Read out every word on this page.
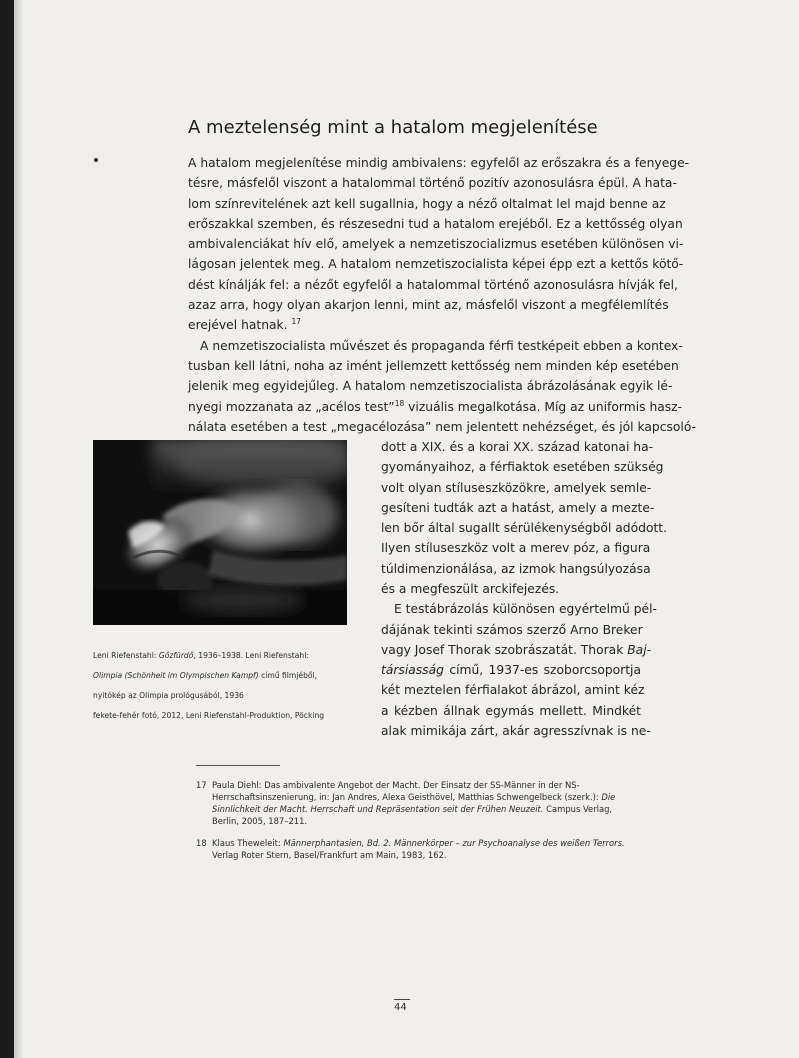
A meztelenség mint a hatalom megjelenítése
A hatalom megjelenítése mindig ambivalens: egyfelől az erőszakra és a fenyege-
tésre, másfelől viszont a hatalommal történő pozitív azonosulásra épül. A hata-
lom színrevitelének azt kell sugallnia, hogy a néző oltalmat lel majd benne az
erőszakkal szemben, és részesedni tud a hatalom erejéből. Ez a kettősség olyan
ambivalenciákat hív elő, amelyek a nemzetiszocializmus esetében különösen vi-
lágosan jelentek meg. A hatalom nemzetiszocialista képei épp ezt a kettős kötő-
dést kínálják fel: a nézőt egyfelől a hatalommal történő azonosulásra hívják fel,
azaz arra, hogy olyan akarjon lenni, mint az, másfelől viszont a megfélemlítés
erejével hatnak. $^{17}$
A nemzetiszocialista művészet és propaganda férfi testképeit ebben a kontex-
tusban kell látni, noha az imént jellemzett kettősség nem minden kép esetében
jelenik meg egyidejűleg. A hatalom nemzetiszocialista ábrázolásának egyik lé-
nyegi mozzanata az „acélos test”$^{18}$ vizuális megalkotása. Míg az uniformis hasz-
nálata esetében a test „megacélozása” nem jelentett nehézséget, és jól kapcsoló-
dott a XIX. és a korai XX. század katonai ha-
gyományaihoz, a férfiaktok esetében szükség
volt olyan stíluseszközökre, amelyek semle-
gesíteni tudták azt a hatást, amely a mezte-
len bőr által sugallt sérülékenységből adódott.
Ilyen stíluseszköz volt a merev póz, a figura
túldimenzionálása, az izmok hangsúlyozása
és a megfeszült arckifejezés.
E testábrázolás különösen egyértelmű pél-
dájának tekinti számos szerző Arno Breker
vagy Josef Thorak szobrászatát. Thorak Baj-
társiasság című, 1937-es szoborcsoportja
két meztelen férfialakot ábrázol, amint kéz
a kézben állnak egymás mellett. Mindkét
alak mimikája zárt, akár agresszívnak is ne-
Leni Riefenstahl: Gőzfürdő, 1936–1938. Leni Riefenstahl:
Olimpia (Schönheit im Olympischen Kampf) című filmjéből,
nyitókép az Olimpia prológusából, 1936
fekete-fehér fotó, 2012, Leni Riefenstahl-Produktion, Pöcking
17 Paula Diehl: Das ambivalente Angebot der Macht. Der Einsatz der SS-Männer in der NS-
Herrschaftsinszenierung, in: Jan Andres, Alexa Geisthövel, Matthias Schwengelbeck (szerk.): Die
Sinnlichkeit der Macht. Herrschaft und Repräsentation seit der Frühen Neuzeit. Campus Verlag,
Berlin, 2005, 187–211.
18 Klaus Theweleit: Männerphantasien, Bd. 2. Männerkörper – zur Psychoanalyse des weißen Terrors.
Verlag Roter Stern, Basel/Frankfurt am Main, 1983, 162.
44
